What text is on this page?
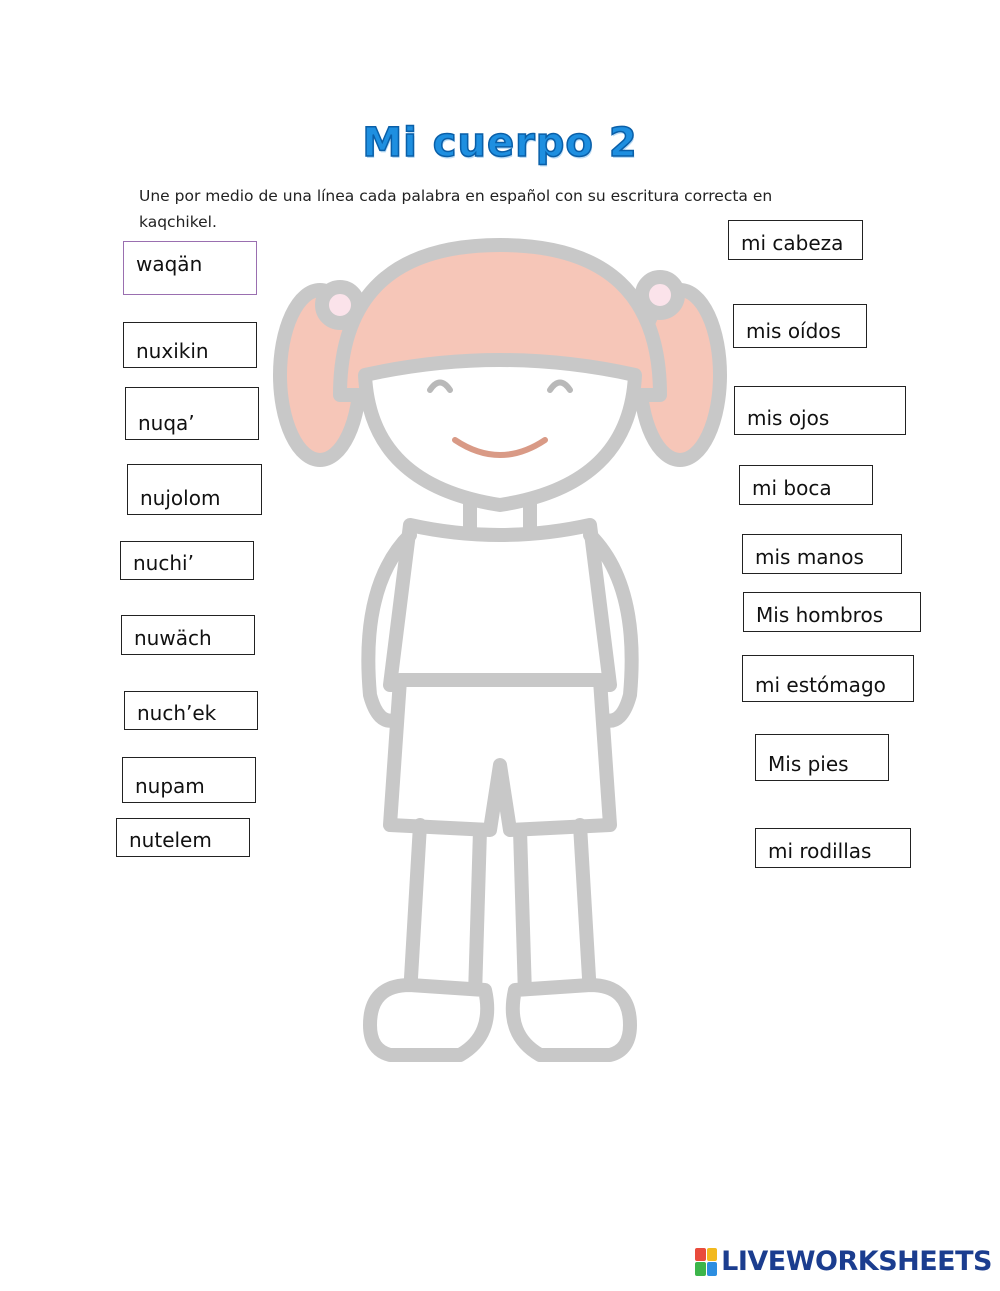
Mi cuerpo 2
Une por medio de una línea cada palabra en español con su escritura correcta en kaqchikel.
waqän
nuxikin
nuqa’
nujolom
nuchi’
nuwäch
nuch’ek
nupam
nutelem
mi cabeza
mis oídos
mis ojos
mi boca
mis manos
Mis hombros
mi estómago
Mis pies
mi rodillas
LIVEWORKSHEETS
